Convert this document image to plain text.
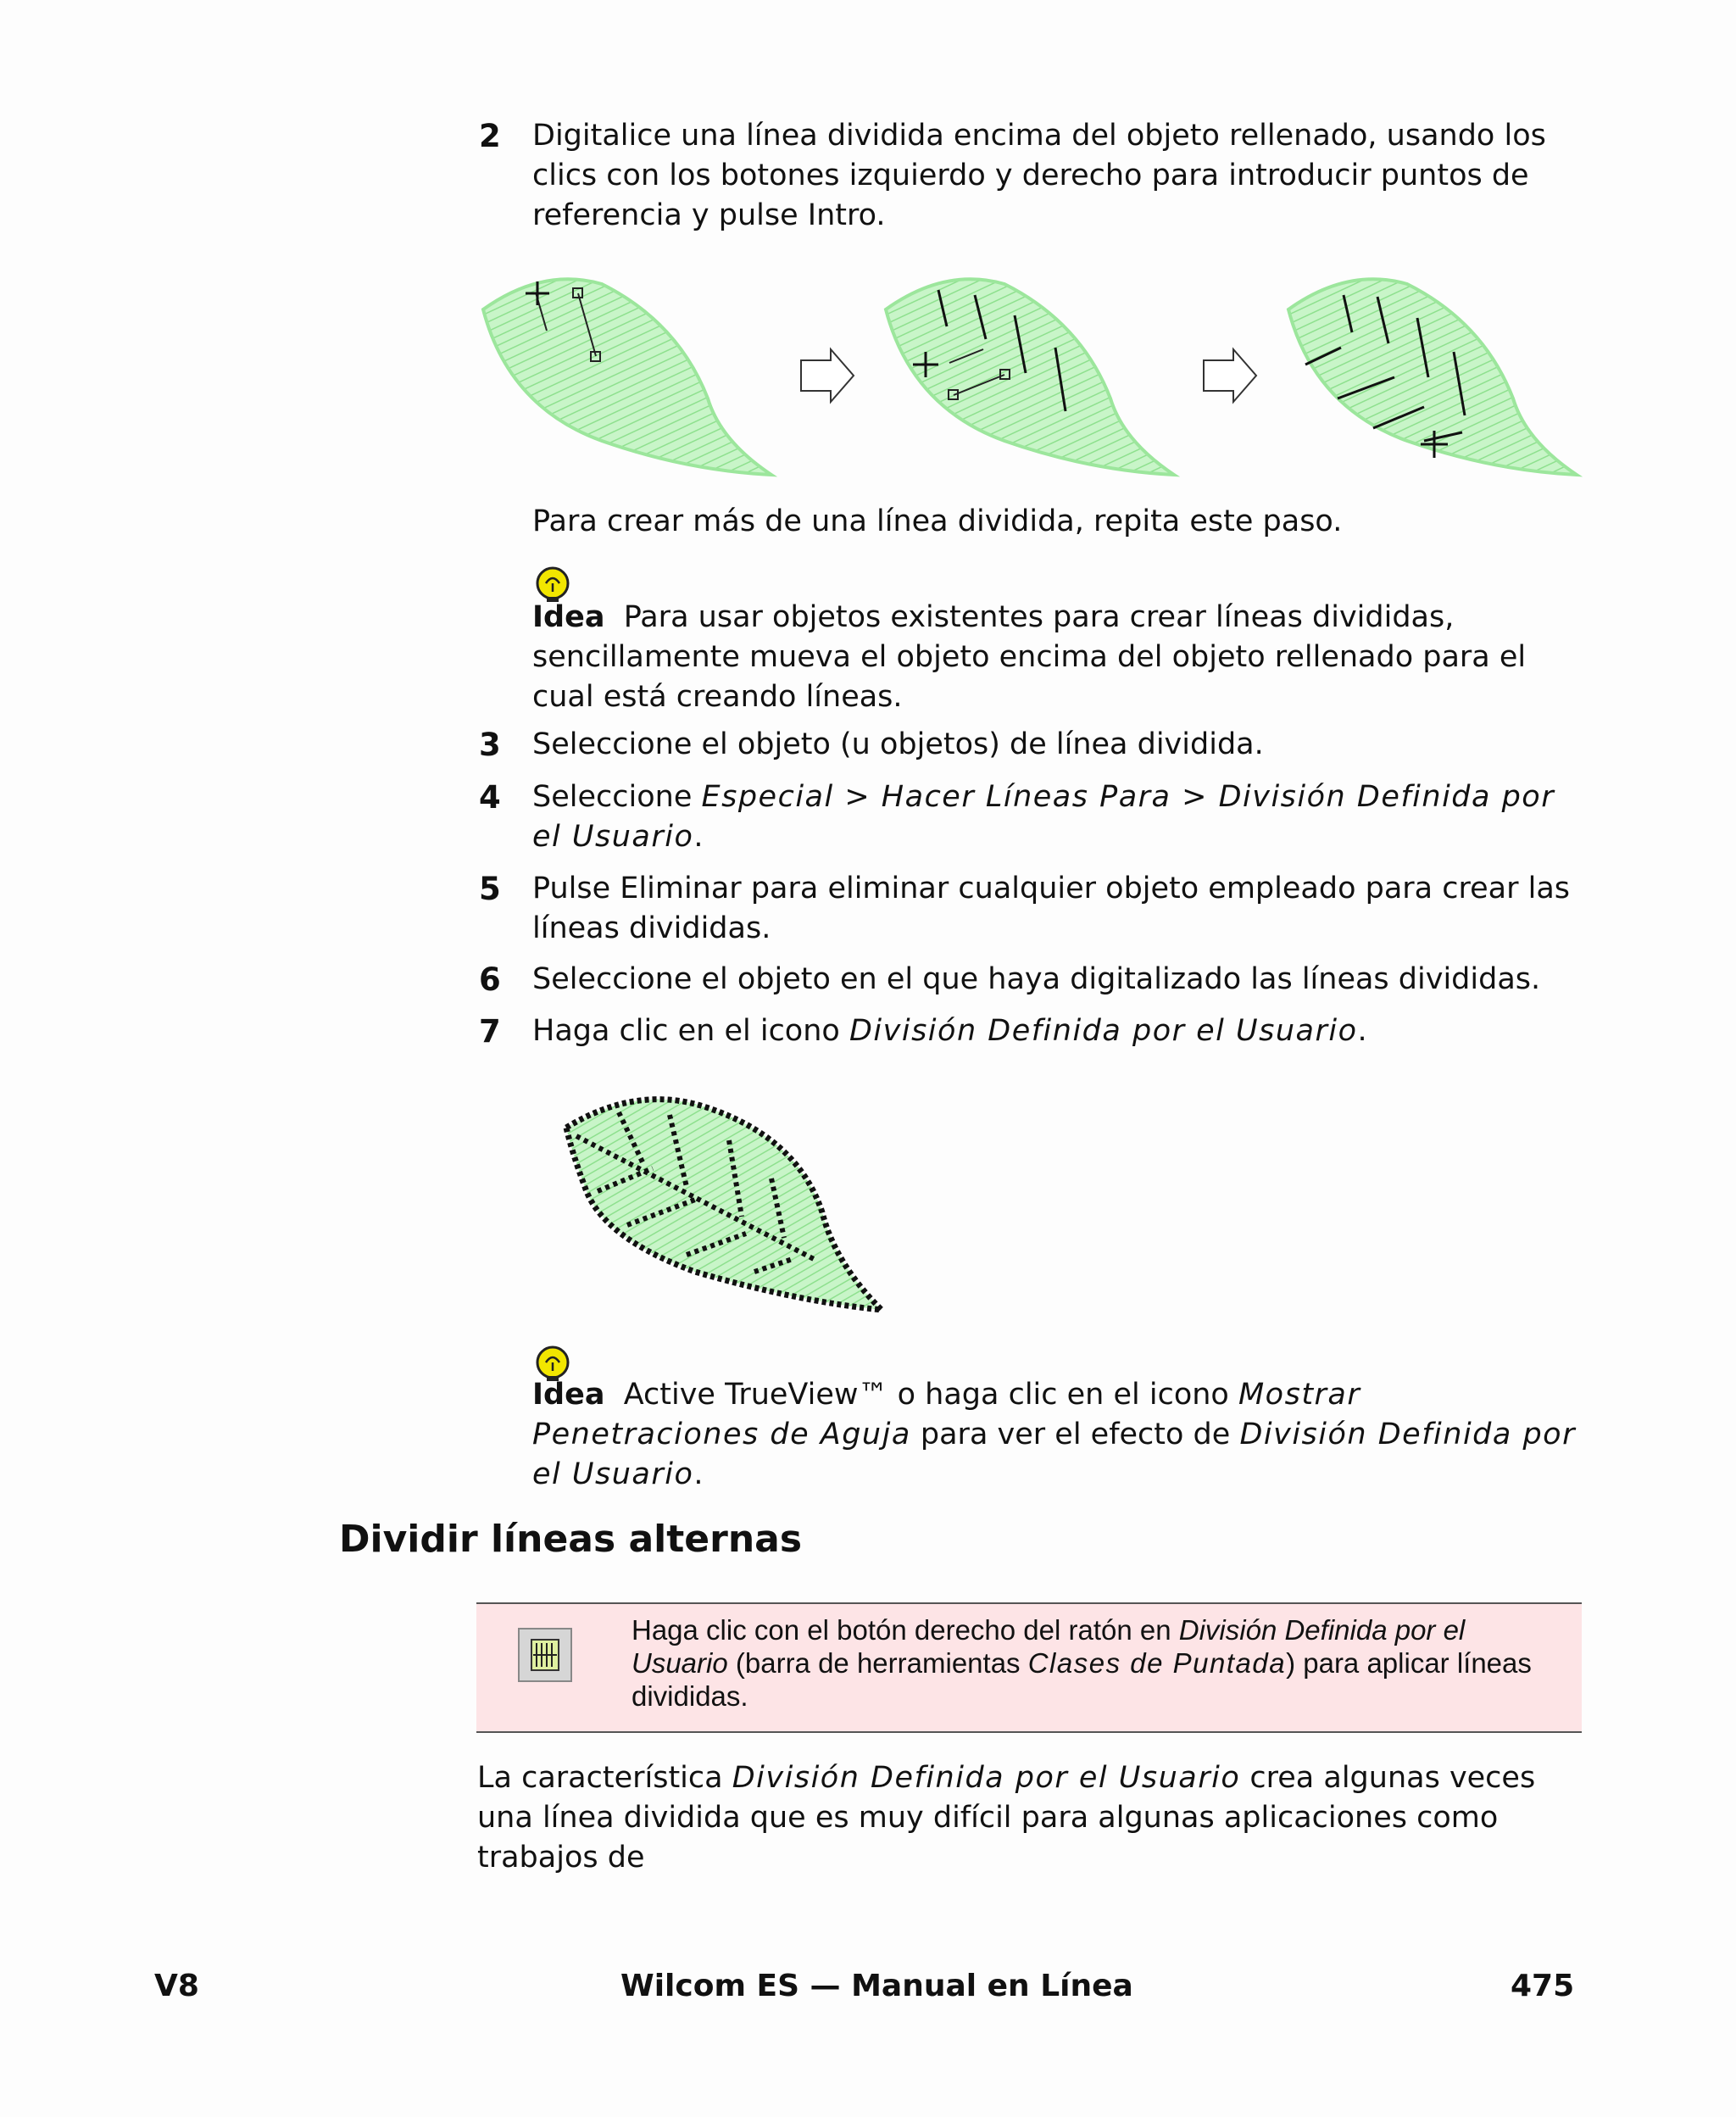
2 Digitalice una línea dividida encima del objeto rellenado, usando los clics con los botones izquierdo y derecho para introducir puntos de referencia y pulse Intro.
Para crear más de una línea dividida, repita este paso.
Idea Para usar objetos existentes para crear líneas divididas, sencillamente mueva el objeto encima del objeto rellenado para el cual está creando líneas.
3 Seleccione el objeto (u objetos) de línea dividida.
4 Seleccione Especial > Hacer Líneas Para > División Definida por el Usuario.
5 Pulse Eliminar para eliminar cualquier objeto empleado para crear las líneas divididas.
6 Seleccione el objeto en el que haya digitalizado las líneas divididas.
7 Haga clic en el icono División Definida por el Usuario.
Idea Active TrueView™ o haga clic en el icono Mostrar Penetraciones de Aguja para ver el efecto de División Definida por el Usuario.
Dividir líneas alternas
Haga clic con el botón derecho del ratón en División Definida por el Usuario (barra de herramientas Clases de Puntada) para aplicar líneas divididas.
La característica División Definida por el Usuario crea algunas veces una línea dividida que es muy difícil para algunas aplicaciones como trabajos de
V8	Wilcom ES — Manual en Línea	475
